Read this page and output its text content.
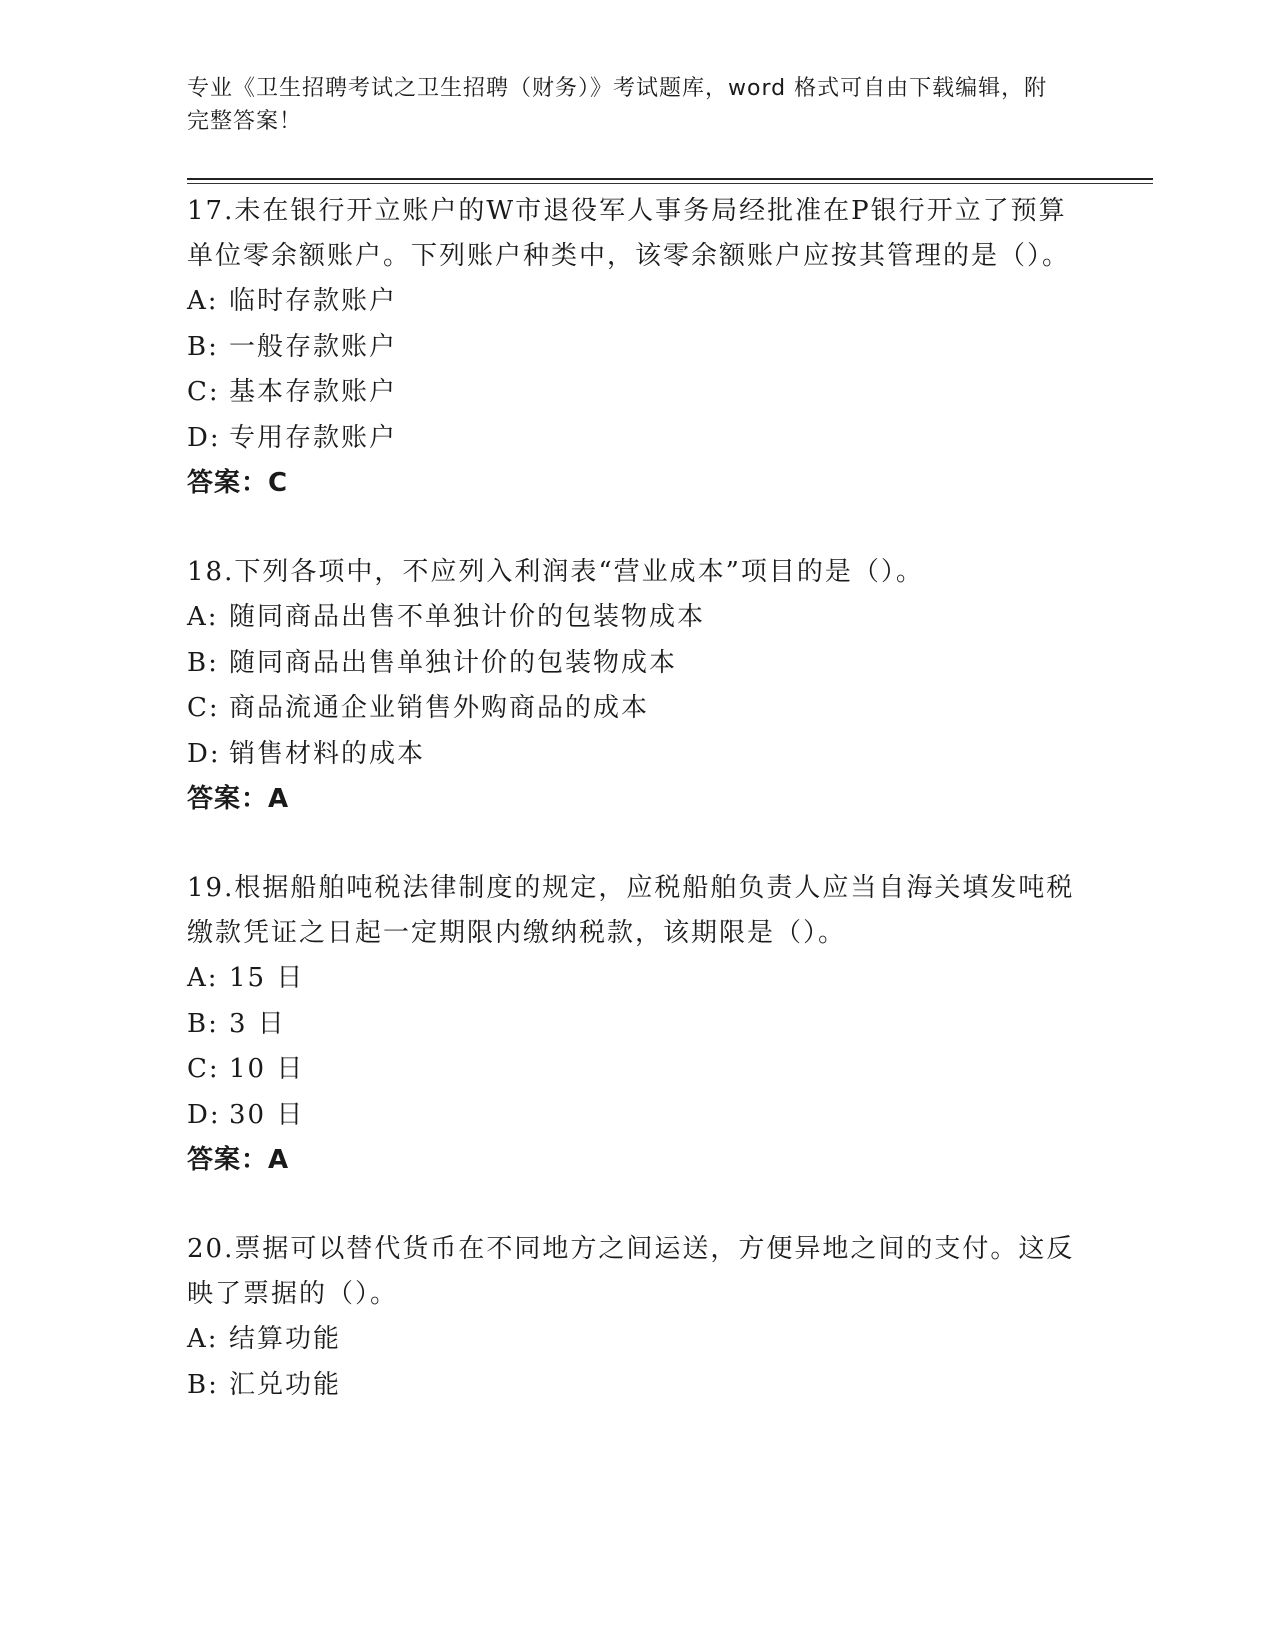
专业《卫生招聘考试之卫生招聘（财务）》考试题库，word 格式可自由下载编辑，附完整答案！
17.未在银行开立账户的W市退役军人事务局经批准在P银行开立了预算单位零余额账户。下列账户种类中，该零余额账户应按其管理的是（）。
A: 临时存款账户
B: 一般存款账户
C: 基本存款账户
D: 专用存款账户
答案：C
18.下列各项中，不应列入利润表“营业成本”项目的是（）。
A: 随同商品出售不单独计价的包装物成本
B: 随同商品出售单独计价的包装物成本
C: 商品流通企业销售外购商品的成本
D: 销售材料的成本
答案：A
19.根据船舶吨税法律制度的规定，应税船舶负责人应当自海关填发吨税缴款凭证之日起一定期限内缴纳税款，该期限是（）。
A: 15 日
B: 3 日
C: 10 日
D: 30 日
答案：A
20.票据可以替代货币在不同地方之间运送，方便异地之间的支付。这反映了票据的（）。
A: 结算功能
B: 汇兑功能
